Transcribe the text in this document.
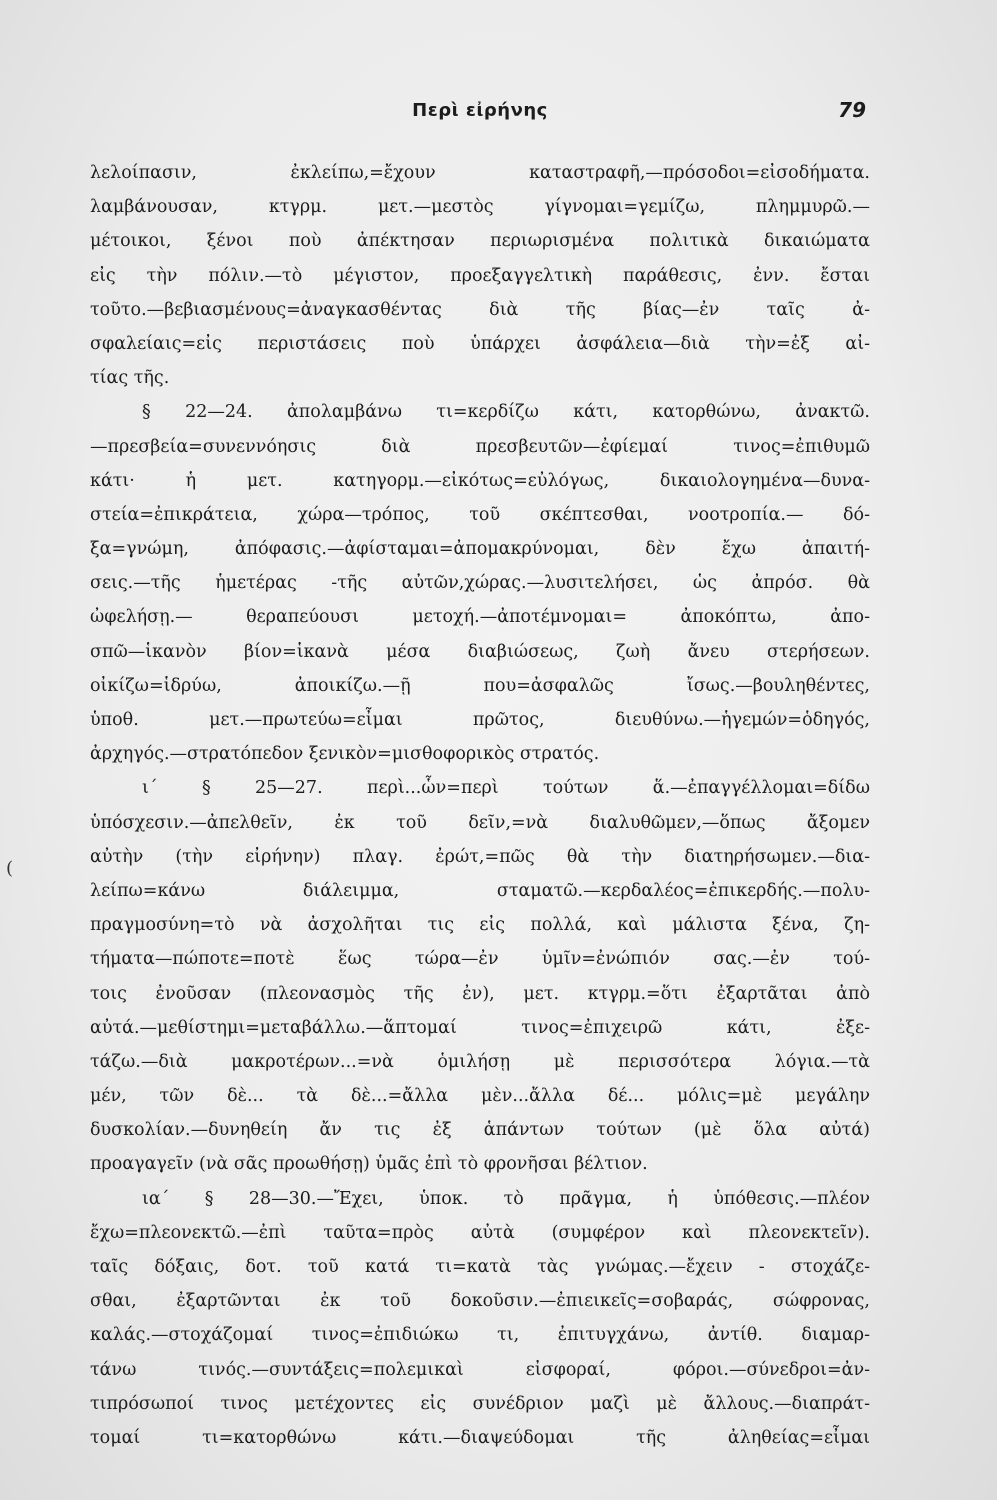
Περὶ εἰρήνης	79
(
λελοίπασιν, ἐκλείπω,=ἔχουν καταστραφῆ,—πρόσοδοι=εἰσοδήματα.
λαμβάνουσαν, κτγρμ. μετ.—μεστὸς γίγνομαι=γεμίζω, πλημμυρῶ.—
μέτοικοι, ξένοι ποὺ ἀπέκτησαν περιωρισμένα πολιτικὰ δικαιώματα
εἰς τὴν πόλιν.—τὸ μέγιστον, προεξαγγελτικὴ παράθεσις, ἐνν. ἔσται
τοῦτο.—βεβιασμένους=ἀναγκασθέντας διὰ τῆς βίας—ἐν ταῖς ἀ-
σφαλείαις=εἰς περιστάσεις ποὺ ὑπάρχει ἀσφάλεια—διὰ τὴν=ἐξ αἰ-
τίας τῆς.
§ 22—24. ἀπολαμβάνω τι=κερδίζω κάτι, κατορθώνω, ἀνακτῶ.
—πρεσβεία=συνεννόησις διὰ πρεσβευτῶν—ἐφίεμαί τινος=ἐπιθυμῶ
κάτι· ἡ μετ. κατηγορμ.—εἰκότως=εὐλόγως, δικαιολογημένα—δυνα-
στεία=ἐπικράτεια, χώρα—τρόπος, τοῦ σκέπτεσθαι, νοοτροπία.— δό-
ξα=γνώμη, ἀπόφασις.—ἀφίσταμαι=ἀπομακρύνομαι, δὲν ἔχω ἀπαιτή-
σεις.—τῆς ἡμετέρας -τῆς αὐτῶν,χώρας.—λυσιτελήσει, ὡς ἀπρόσ. θὰ
ὠφελήσῃ.— θεραπεύουσι μετοχή.—ἀποτέμνομαι= ἀποκόπτω, ἀπο-
σπῶ—ἱκανὸν βίον=ἱκανὰ μέσα διαβιώσεως, ζωὴ ἄνευ στερήσεων.
οἰκίζω=ἱδρύω, ἀποικίζω.—ῇ που=ἀσφαλῶς ἴσως.—βουληθέντες,
ὑποθ. μετ.—πρωτεύω=εἶμαι πρῶτος, διευθύνω.—ἡγεμών=ὁδηγός,
ἀρχηγός.—στρατόπεδον ξενικὸν=μισθοφορικὸς στρατός.
ι΄ § 25—27. περὶ...ὧν=περὶ τούτων ἅ.—ἐπαγγέλλομαι=δίδω
ὑπόσχεσιν.—ἀπελθεῖν, ἐκ τοῦ δεῖν,=νὰ διαλυθῶμεν,—ὅπως ἄξομεν
αὐτὴν (τὴν εἰρήνην) πλαγ. ἐρώτ,=πῶς θὰ τὴν διατηρήσωμεν.—δια-
λείπω=κάνω διάλειμμα, σταματῶ.—κερδαλέος=ἐπικερδής.—πολυ-
πραγμοσύνη=τὸ νὰ ἀσχολῆται τις εἰς πολλά, καὶ μάλιστα ξένα, ζη-
τήματα—πώποτε=ποτὲ ἕως τώρα—ἐν ὑμῖν=ἐνώπιόν σας.—ἐν τού-
τοις ἐνοῦσαν (πλεονασμὸς τῆς ἐν), μετ. κτγρμ.=ὅτι ἐξαρτᾶται ἀπὸ
αὐτά.—μεθίστημι=μεταβάλλω.—ἅπτομαί τινος=ἐπιχειρῶ κάτι, ἐξε-
τάζω.—διὰ μακροτέρων...=νὰ ὁμιλήσῃ μὲ περισσότερα λόγια.—τὰ
μέν, τῶν δὲ... τὰ δὲ...=ἄλλα μὲν...ἄλλα δέ... μόλις=μὲ μεγάλην
δυσκολίαν.—δυνηθείη ἄν τις ἐξ ἁπάντων τούτων (μὲ ὅλα αὐτά)
προαγαγεῖν (νὰ σᾶς προωθήσῃ) ὑμᾶς ἐπὶ τὸ φρονῆσαι βέλτιον.
ια΄ § 28—30.—Ἔχει, ὑποκ. τὸ πρᾶγμα, ἡ ὑπόθεσις.—πλέον
ἔχω=πλεονεκτῶ.—ἐπὶ ταῦτα=πρὸς αὐτὰ (συμφέρον καὶ πλεονεκτεῖν).
ταῖς δόξαις, δοτ. τοῦ κατά τι=κατὰ τὰς γνώμας.—ἔχειν - στοχάζε-
σθαι, ἐξαρτῶνται ἐκ τοῦ δοκοῦσιν.—ἐπιεικεῖς=σοβαράς, σώφρονας,
καλάς.—στοχάζομαί τινος=ἐπιδιώκω τι, ἐπιτυγχάνω, ἀντίθ. διαμαρ-
τάνω τινός.—συντάξεις=πολεμικαὶ εἰσφοραί, φόροι.—σύνεδροι=ἀν-
τιπρόσωποί τινος μετέχοντες εἰς συνέδριον μαζὶ μὲ ἄλλους.—διαπράτ-
τομαί τι=κατορθώνω κάτι.—διαψεύδομαι τῆς ἀληθείας=εἶμαι
